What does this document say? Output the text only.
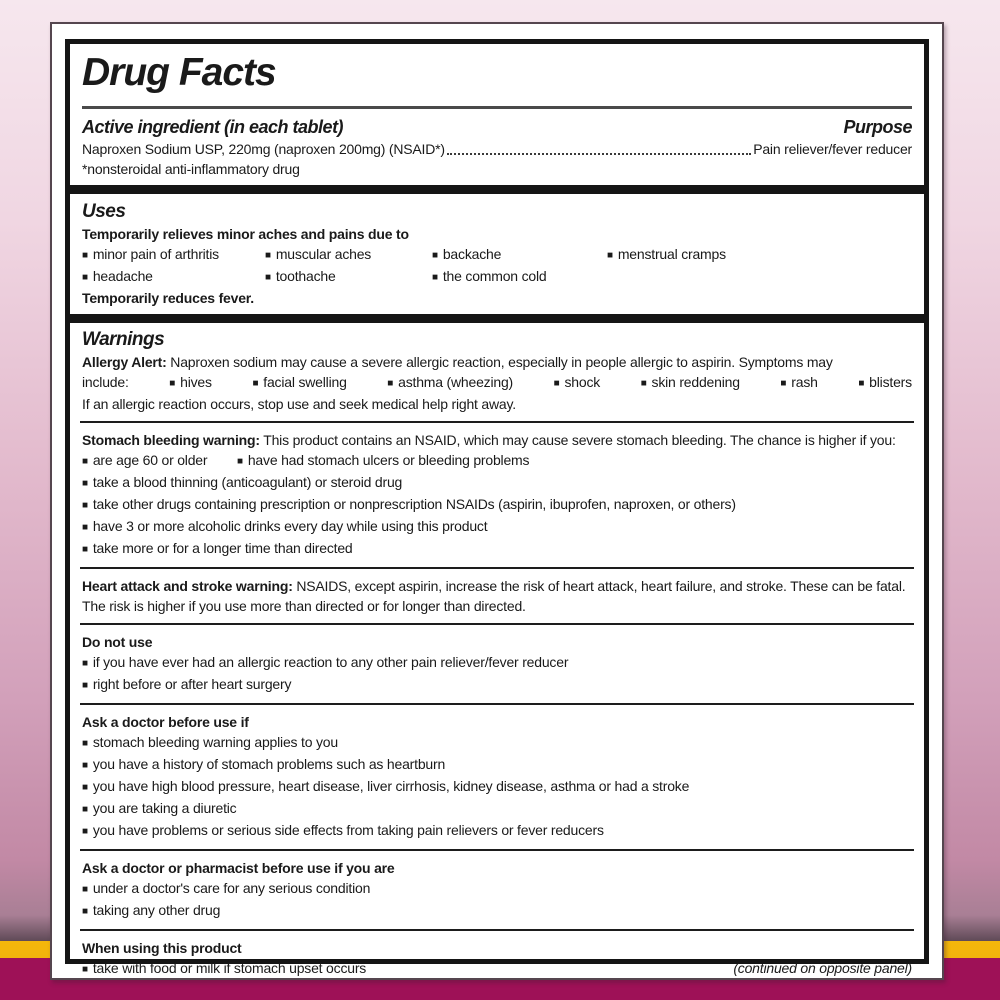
Drug Facts
Active ingredient (in each tablet)	Purpose
Naproxen Sodium USP, 220mg (naproxen 200mg) (NSAID*)	Pain reliever/fever reducer
*nonsteroidal anti-inflammatory drug
Uses

Temporarily relieves minor aches and pains due to

■ minor pain of arthritis	■ muscular aches	■ backache	■ menstrual cramps
■ headache	■ toothache	■ the common cold

Temporarily reduces fever.

Warnings

Allergy Alert: Naproxen sodium may cause a severe allergic reaction, especially in people allergic to aspirin. Symptoms may

include:	■ hives	■ facial swelling	■ asthma (wheezing)	■ shock	■ skin reddening	■ rash	■ blisters

If an allergic reaction occurs, stop use and seek medical help right away.

Stomach bleeding warning: This product contains an NSAID, which may cause severe stomach bleeding. The chance is higher if you:

■ are age 60 or older	■ have had stomach ulcers or bleeding problems
■ take a blood thinning (anticoagulant) or steroid drug
■ take other drugs containing prescription or nonprescription NSAIDs (aspirin, ibuprofen, naproxen, or others)
■ have 3 or more alcoholic drinks every day while using this product
■ take more or for a longer time than directed

Heart attack and stroke warning: NSAIDS, except aspirin, increase the risk of heart attack, heart failure, and stroke. These can be fatal. The risk is higher if you use more than directed or for longer than directed.

Do not use
■ if you have ever had an allergic reaction to any other pain reliever/fever reducer
■ right before or after heart surgery
Ask a doctor before use if
■ stomach bleeding warning applies to you
■ you have a history of stomach problems such as heartburn
■ you have high blood pressure, heart disease, liver cirrhosis, kidney disease, asthma or had a stroke
■ you are taking a diuretic
■ you have problems or serious side effects from taking pain relievers or fever reducers
Ask a doctor or pharmacist before use if you are
■ under a doctor's care for any serious condition
■ taking any other drug
When using this product
■ take with food or milk if stomach upset occurs	(continued on opposite panel)
